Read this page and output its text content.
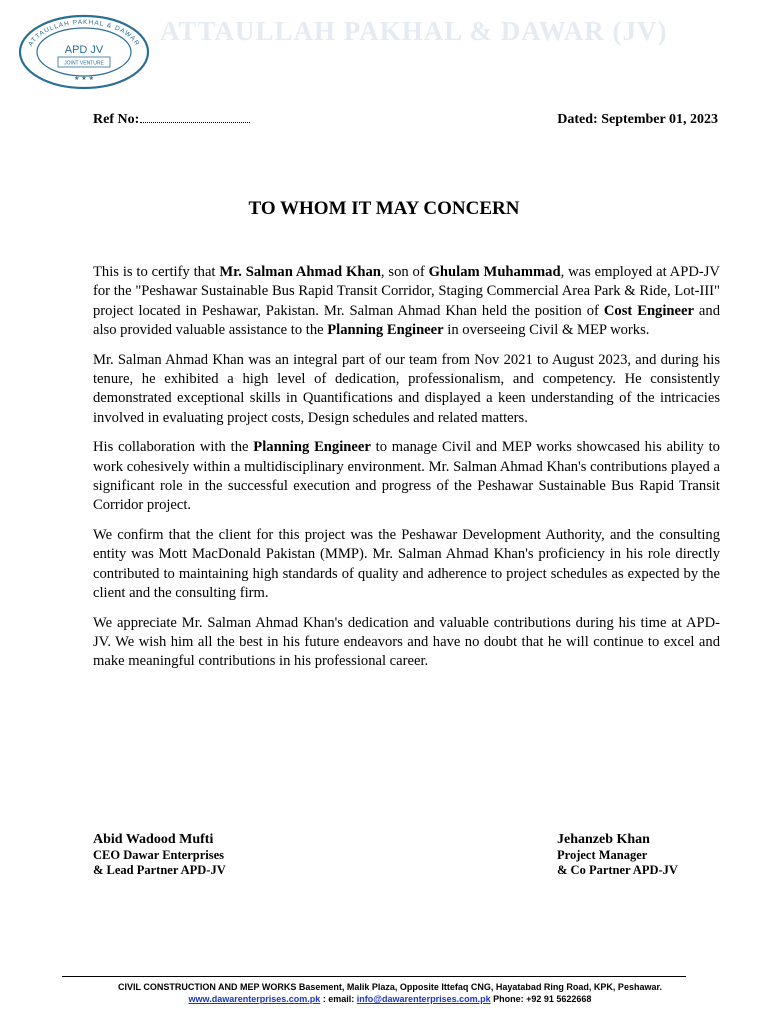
ATTAULLAH PAKHAL & DAWAR
APD JV
JOINT VENTURE
★ ★ ★
ATTAULLAH PAKHAL & DAWAR (JV)
Ref No:	Dated: September 01, 2023
TO WHOM IT MAY CONCERN

This is to certify that Mr. Salman Ahmad Khan, son of Ghulam Muhammad, was employed at APD-JV for the "Peshawar Sustainable Bus Rapid Transit Corridor, Staging Commercial Area Park & Ride, Lot-III" project located in Peshawar, Pakistan. Mr. Salman Ahmad Khan held the position of Cost Engineer and also provided valuable assistance to the Planning Engineer in overseeing Civil & MEP works.

Mr. Salman Ahmad Khan was an integral part of our team from Nov 2021 to August 2023, and during his tenure, he exhibited a high level of dedication, professionalism, and competency. He consistently demonstrated exceptional skills in Quantifications and displayed a keen understanding of the intricacies involved in evaluating project costs, Design schedules and related matters.

His collaboration with the Planning Engineer to manage Civil and MEP works showcased his ability to work cohesively within a multidisciplinary environment. Mr. Salman Ahmad Khan's contributions played a significant role in the successful execution and progress of the Peshawar Sustainable Bus Rapid Transit Corridor project.

We confirm that the client for this project was the Peshawar Development Authority, and the consulting entity was Mott MacDonald Pakistan (MMP). Mr. Salman Ahmad Khan's proficiency in his role directly contributed to maintaining high standards of quality and adherence to project schedules as expected by the client and the consulting firm.

We appreciate Mr. Salman Ahmad Khan's dedication and valuable contributions during his time at APD-JV. We wish him all the best in his future endeavors and have no doubt that he will continue to excel and make meaningful contributions in his professional career.

Abid Wadood Mufti
CEO Dawar Enterprises
& Lead Partner APD-JV
Jehanzeb Khan
Project Manager
& Co Partner APD-JV
CIVIL CONSTRUCTION AND MEP WORKS Basement, Malik Plaza, Opposite Ittefaq CNG, Hayatabad Ring Road, KPK, Peshawar.
www.dawarenterprises.com.pk : email: info@dawarenterprises.com.pk Phone: +92 91 5622668
